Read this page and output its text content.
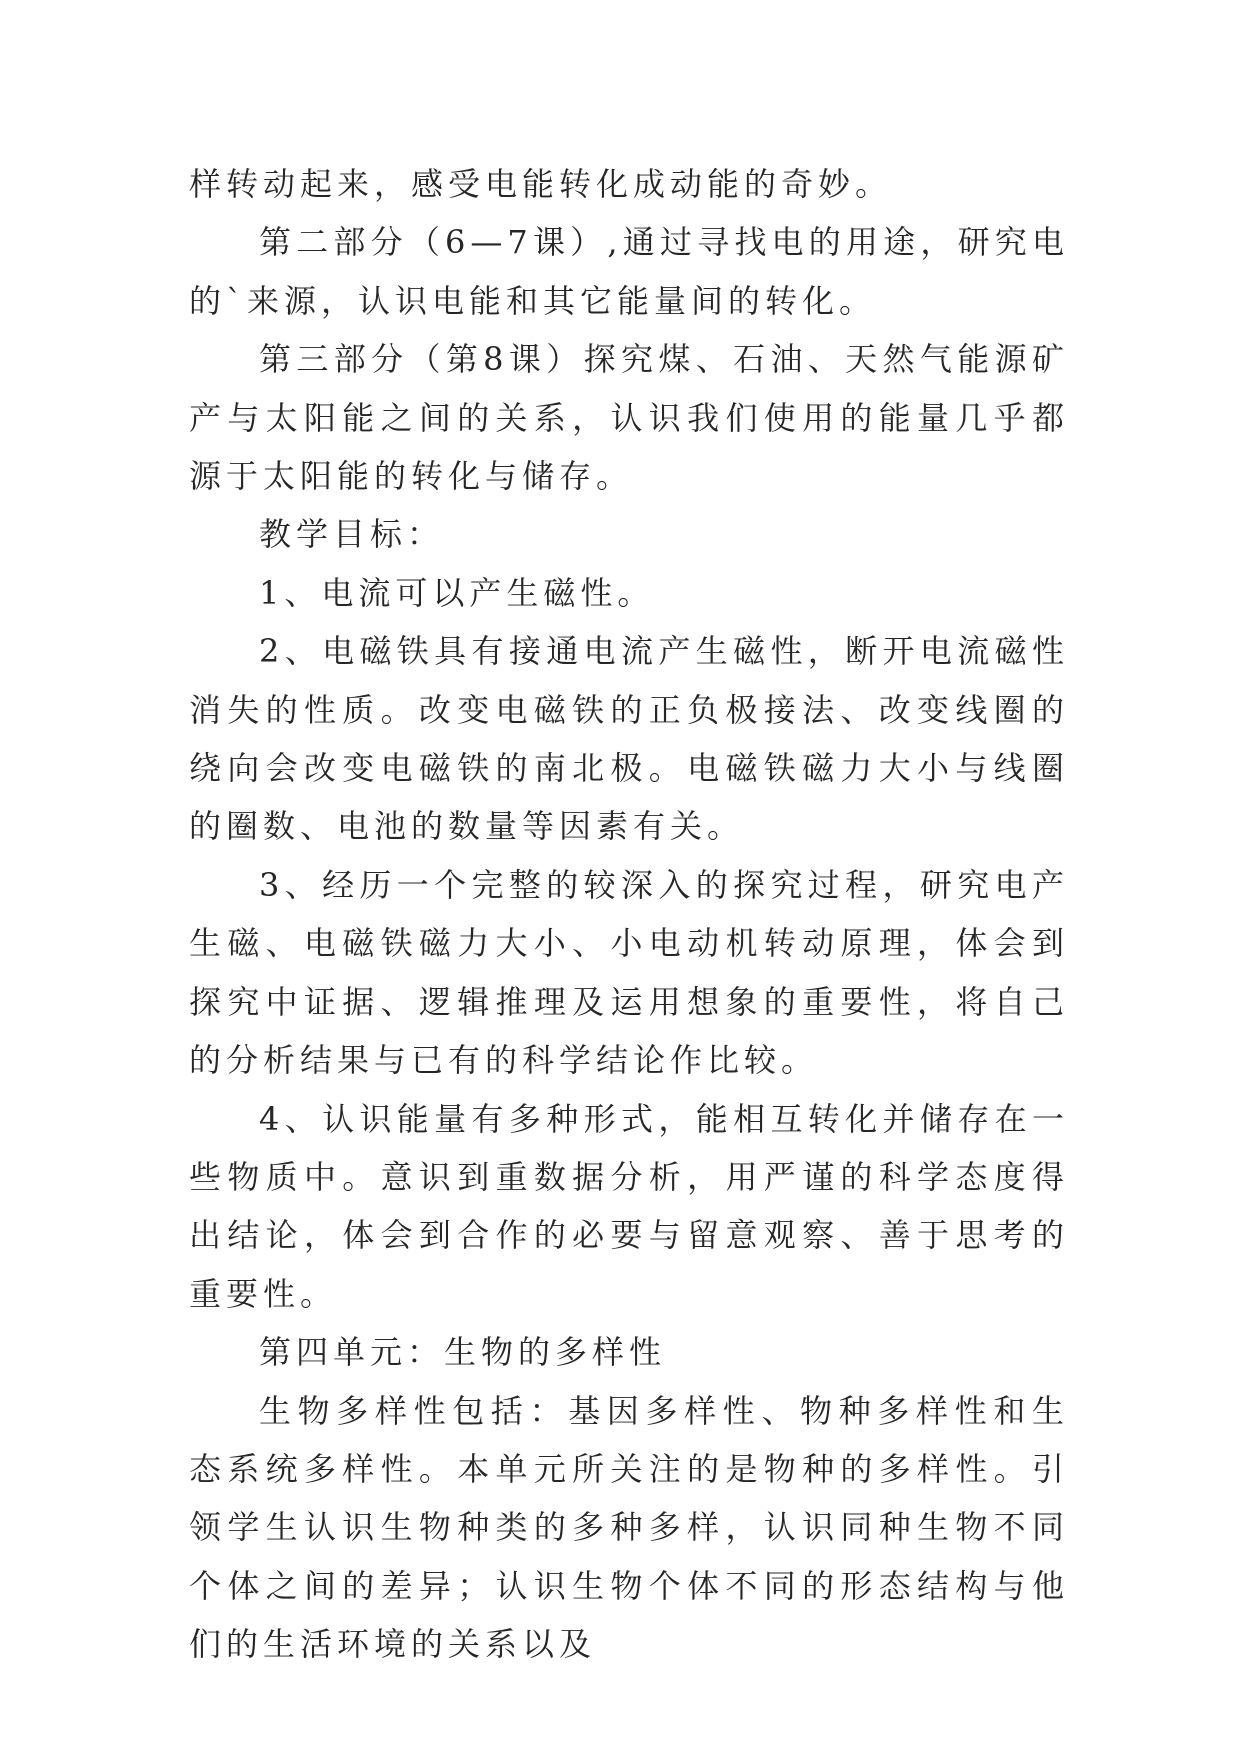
样转动起来，感受电能转化成动能的奇妙。

第二部分（6—7课）,通过寻找电的用途，研究电的`来源，认识电能和其它能量间的转化。

第三部分（第8课）探究煤、石油、天然气能源矿产与太阳能之间的关系，认识我们使用的能量几乎都源于太阳能的转化与储存。

教学目标：

1、电流可以产生磁性。

2、电磁铁具有接通电流产生磁性，断开电流磁性消失的性质。改变电磁铁的正负极接法、改变线圈的绕向会改变电磁铁的南北极。电磁铁磁力大小与线圈的圈数、电池的数量等因素有关。

3、经历一个完整的较深入的探究过程，研究电产生磁、电磁铁磁力大小、小电动机转动原理，体会到探究中证据、逻辑推理及运用想象的重要性，将自己的分析结果与已有的科学结论作比较。

4、认识能量有多种形式，能相互转化并储存在一些物质中。意识到重数据分析，用严谨的科学态度得出结论，体会到合作的必要与留意观察、善于思考的重要性。

第四单元：生物的多样性

生物多样性包括：基因多样性、物种多样性和生态系统多样性。本单元所关注的是物种的多样性。引领学生认识生物种类的多种多样，认识同种生物不同个体之间的差异；认识生物个体不同的形态结构与他们的生活环境的关系以及
